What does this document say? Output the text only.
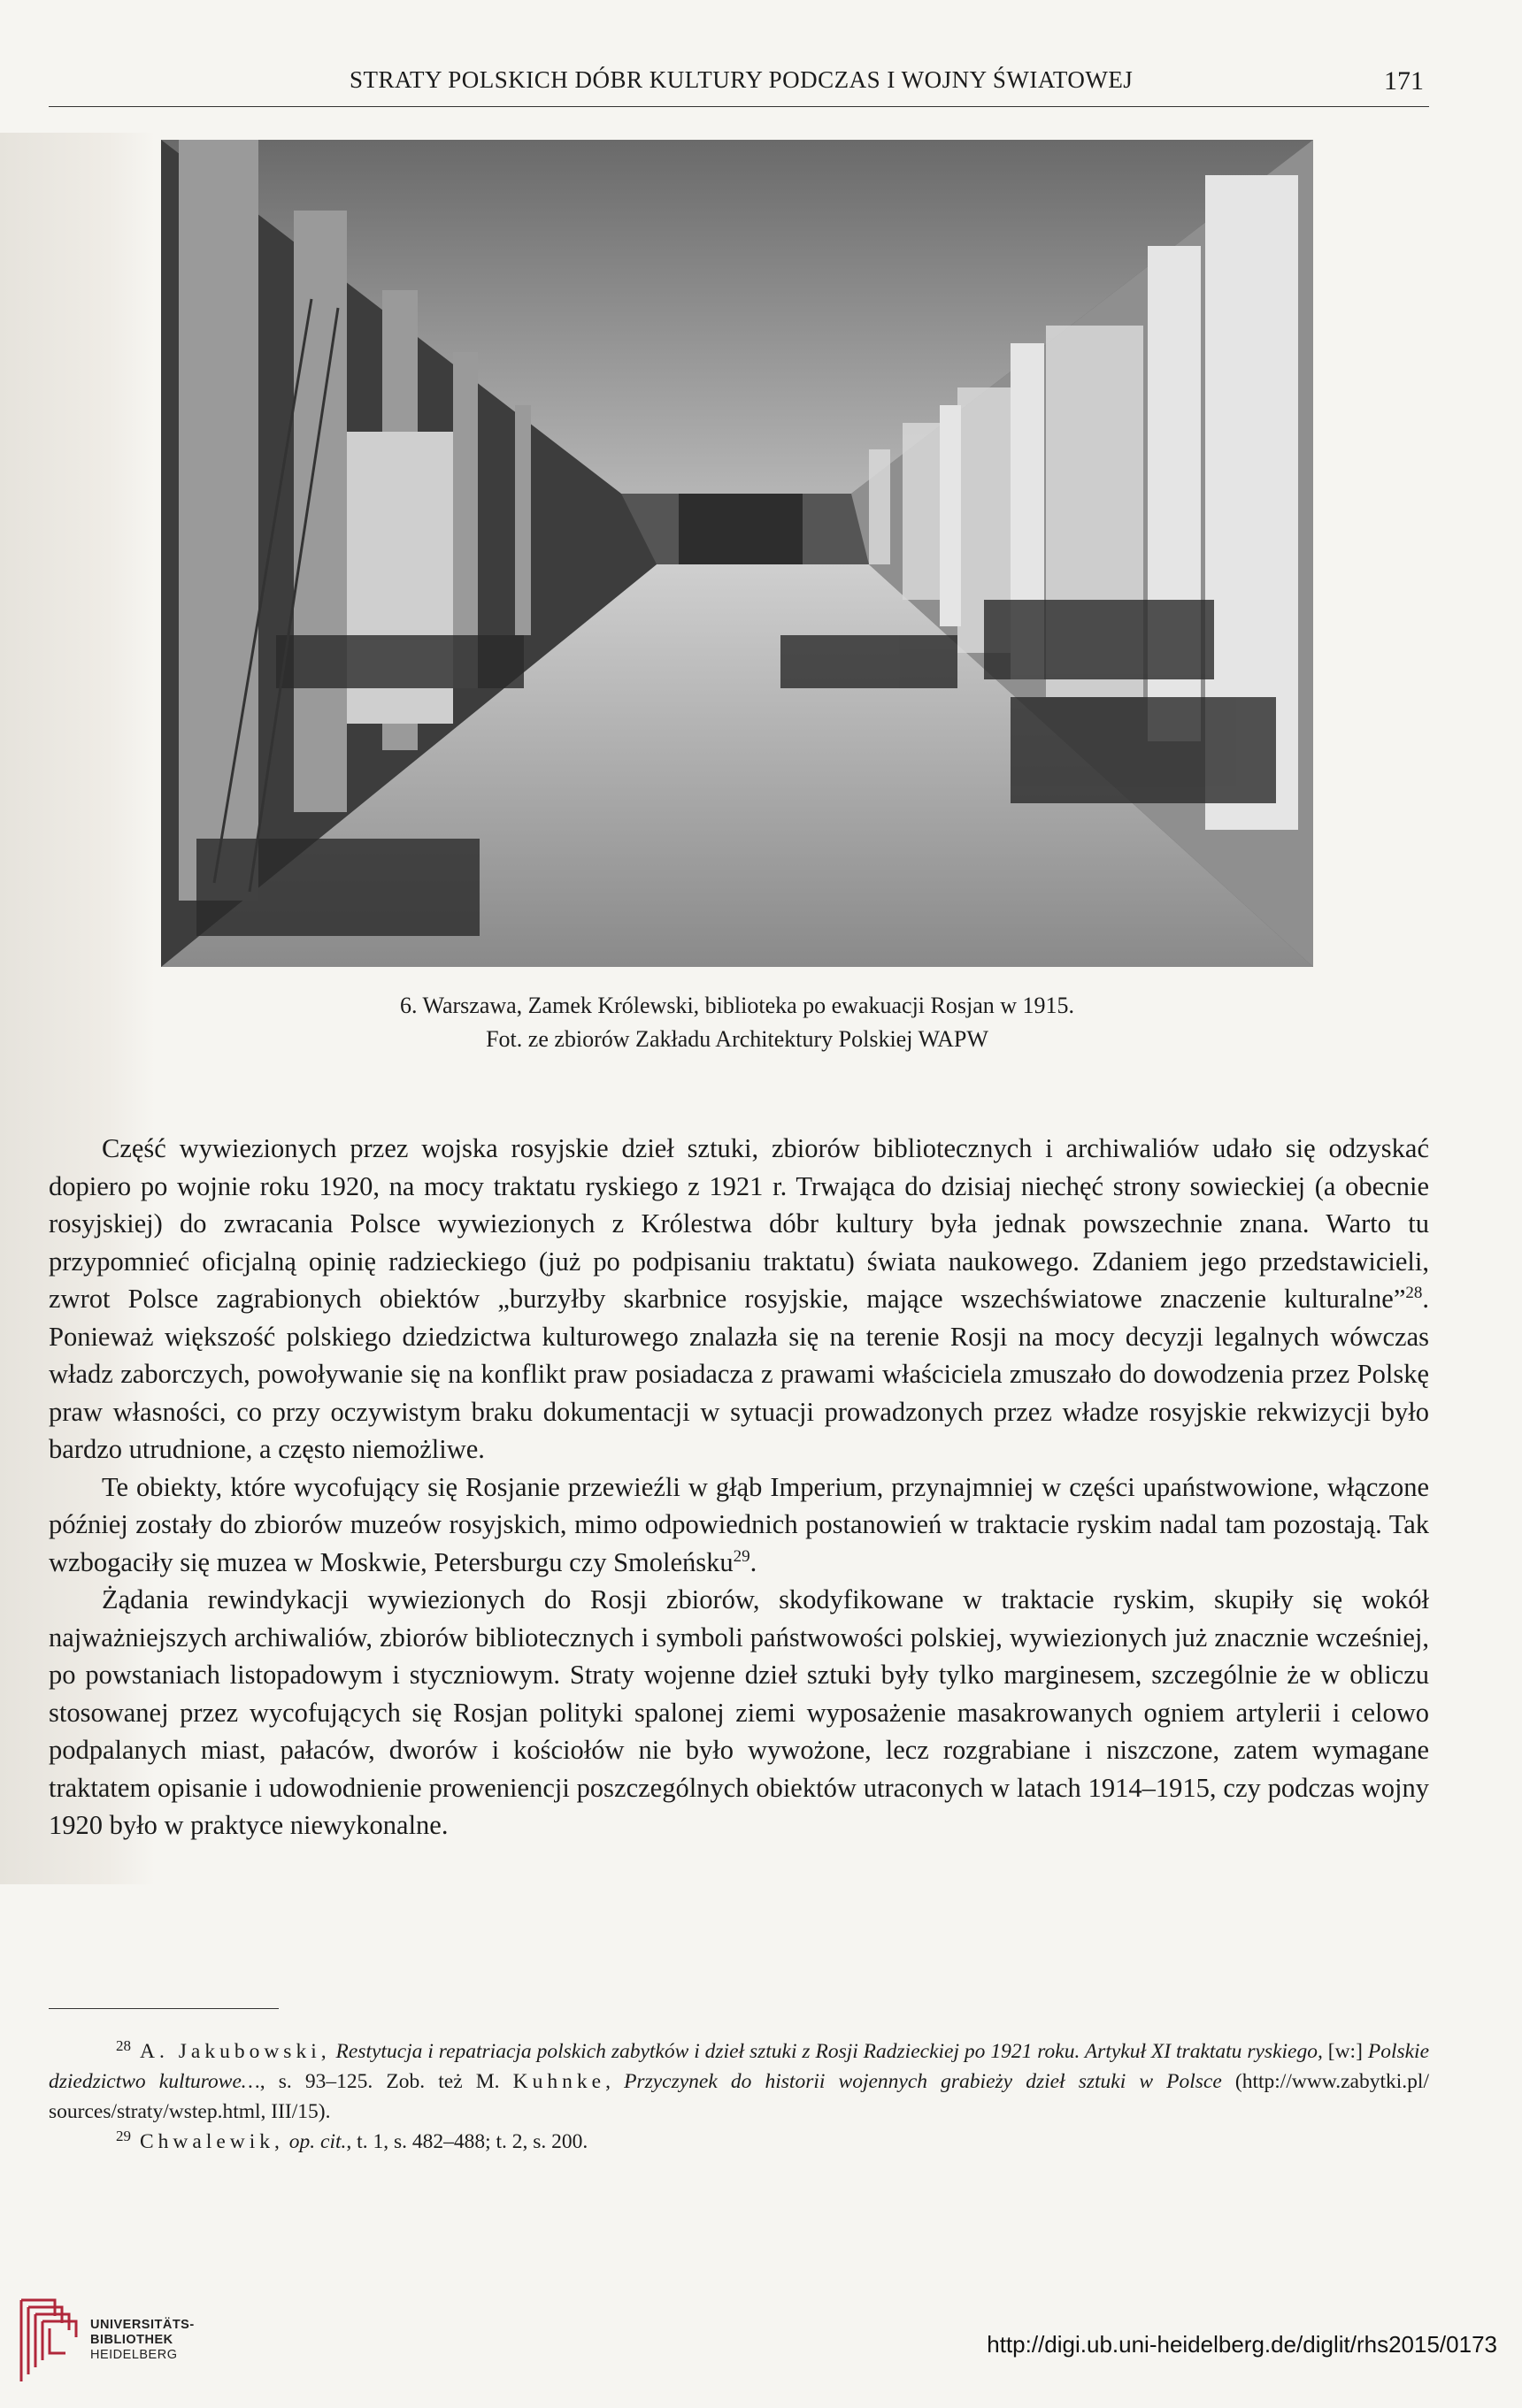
STRATY POLSKICH DÓBR KULTURY PODCZAS I WOJNY ŚWIATOWEJ	171
6. Warszawa, Zamek Królewski, biblioteka po ewakuacji Rosjan w 1915.
Fot. ze zbiorów Zakładu Architektury Polskiej WAPW

Część wywiezionych przez wojska rosyjskie dzieł sztuki, zbiorów bibliotecznych i archiwaliów udało się odzyskać dopiero po wojnie roku 1920, na mocy traktatu ryskiego z 1921 r. Trwająca do dzisiaj niechęć strony sowieckiej (a obecnie rosyjskiej) do zwracania Polsce wywiezionych z Królestwa dóbr kultury była jednak powszechnie znana. Warto tu przypomnieć oficjalną opinię radzieckiego (już po podpisaniu traktatu) świata naukowego. Zdaniem jego przedstawicieli, zwrot Polsce zagrabionych obiektów „burzyłby skarbnice rosyjskie, mające wszechświatowe znaczenie kulturalne”$^{28}$. Ponieważ większość polskiego dziedzictwa kulturowego znalazła się na terenie Rosji na mocy decyzji legalnych wówczas władz zaborczych, powoływanie się na konflikt praw posiadacza z prawami właściciela zmuszało do dowodzenia przez Polskę praw własności, co przy oczywistym braku dokumentacji w sytuacji prowadzonych przez władze rosyjskie rekwizycji było bardzo utrudnione, a często niemożliwe.

Te obiekty, które wycofujący się Rosjanie przewieźli w głąb Imperium, przynajmniej w części upaństwowione, włączone później zostały do zbiorów muzeów rosyjskich, mimo odpowiednich postanowień w traktacie ryskim nadal tam pozostają. Tak wzbogaciły się muzea w Moskwie, Petersburgu czy Smoleńsku$^{29}$.

Żądania rewindykacji wywiezionych do Rosji zbiorów, skodyfikowane w traktacie ryskim, skupiły się wokół najważniejszych archiwaliów, zbiorów bibliotecznych i symboli państwowości polskiej, wywiezionych już znacznie wcześniej, po powstaniach listopadowym i styczniowym. Straty wojenne dzieł sztuki były tylko marginesem, szczególnie że w obliczu stosowanej przez wycofujących się Rosjan polityki spalonej ziemi wyposażenie masakrowanych ogniem artylerii i celowo podpalanych miast, pałaców, dworów i kościołów nie było wywożone, lecz rozgrabiane i niszczone, zatem wymagane traktatem opisanie i udowodnienie proweniencji poszczególnych obiektów utraconych w latach 1914–1915, czy podczas wojny 1920 było w praktyce niewykonalne.

$^{28}$ A. Jakubowski, Restytucja i repatriacja polskich zabytków i dzieł sztuki z Rosji Radzieckiej po 1921 roku. Artykuł XI traktatu ryskiego, [w:] Polskie dziedzictwo kulturowe…, s. 93–125. Zob. też M. Kuhnke, Przyczynek do historii wojennych grabieży dzieł sztuki w Polsce (http://www.zabytki.pl/ sources/straty/wstep.html, III/15).

$^{29}$ Chwalewik, op. cit., t. 1, s. 482–488; t. 2, s. 200.

UNIVERSITÄTS-
BIBLIOTHEK
HEIDELBERG	http://digi.ub.uni-heidelberg.de/diglit/rhs2015/0173
